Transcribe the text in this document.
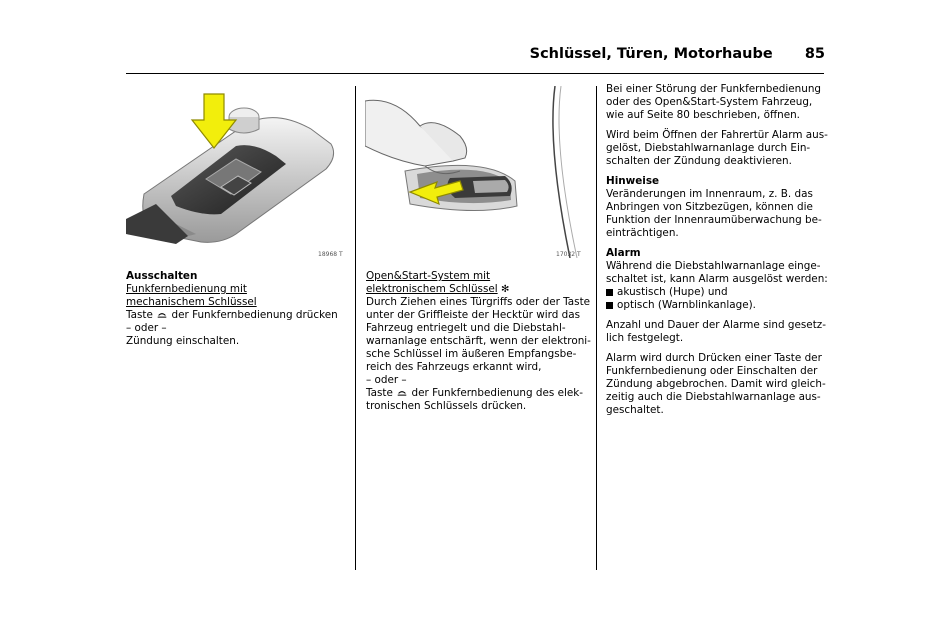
Schlüssel, Türen, Motorhaube 85
18968 T

Ausschalten

Funkfernbedienung mit

mechanischem Schlüssel

Taste der Funkfernbedienung drücken

– oder –

Zündung einschalten.

17032 T

Open&Start-System mit

elektronischem Schlüssel ✻

Durch Ziehen eines Türgriffs oder der Taste

unter der Griffleiste der Hecktür wird das

Fahrzeug entriegelt und die Diebstahl-

warnanlage entschärft, wenn der elektroni-

sche Schlüssel im äußeren Empfangsbe-

reich des Fahrzeugs erkannt wird,

– oder –

Taste der Funkfernbedienung des elek-

tronischen Schlüssels drücken.

Bei einer Störung der Funkfernbedienung

oder des Open&Start-System Fahrzeug,

wie auf Seite 80 beschrieben, öffnen.

Wird beim Öffnen der Fahrertür Alarm aus-

gelöst, Diebstahlwarnanlage durch Ein-

schalten der Zündung deaktivieren.

Hinweise

Veränderungen im Innenraum, z. B. das

Anbringen von Sitzbezügen, können die

Funktion der Innenraumüberwachung be-

einträchtigen.

Alarm

Während die Diebstahlwarnanlage einge-

schaltet ist, kann Alarm ausgelöst werden:

akustisch (Hupe) und

optisch (Warnblinkanlage).

Anzahl und Dauer der Alarme sind gesetz-

lich festgelegt.

Alarm wird durch Drücken einer Taste der

Funkfernbedienung oder Einschalten der

Zündung abgebrochen. Damit wird gleich-

zeitig auch die Diebstahlwarnanlage aus-

geschaltet.
